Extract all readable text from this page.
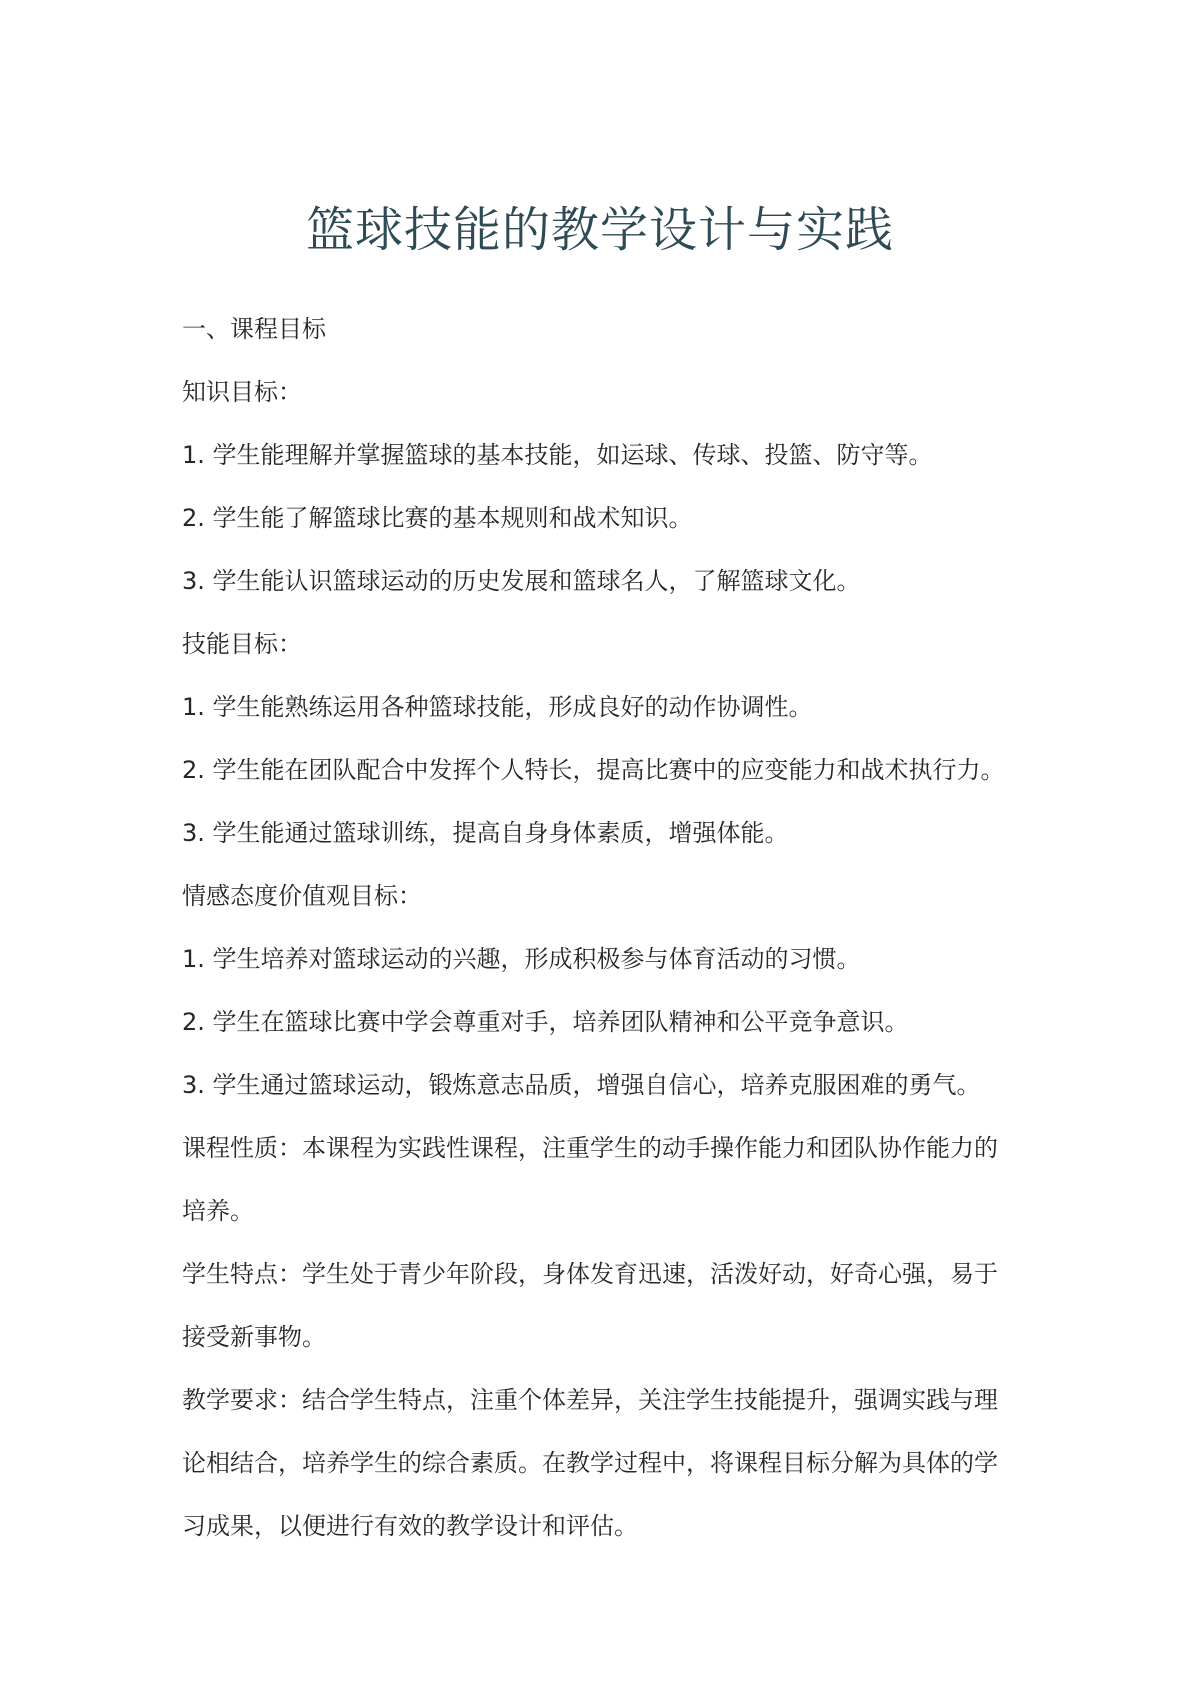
篮球技能的教学设计与实践
一、课程目标
知识目标：
1. 学生能理解并掌握篮球的基本技能，如运球、传球、投篮、防守等。
2. 学生能了解篮球比赛的基本规则和战术知识。
3. 学生能认识篮球运动的历史发展和篮球名人，了解篮球文化。
技能目标：
1. 学生能熟练运用各种篮球技能，形成良好的动作协调性。
2. 学生能在团队配合中发挥个人特长，提高比赛中的应变能力和战术执行力。
3. 学生能通过篮球训练，提高自身身体素质，增强体能。
情感态度价值观目标：
1. 学生培养对篮球运动的兴趣，形成积极参与体育活动的习惯。
2. 学生在篮球比赛中学会尊重对手，培养团队精神和公平竞争意识。
3. 学生通过篮球运动，锻炼意志品质，增强自信心，培养克服困难的勇气。
课程性质：本课程为实践性课程，注重学生的动手操作能力和团队协作能力的
培养。
学生特点：学生处于青少年阶段，身体发育迅速，活泼好动，好奇心强，易于
接受新事物。
教学要求：结合学生特点，注重个体差异，关注学生技能提升，强调实践与理
论相结合，培养学生的综合素质。在教学过程中，将课程目标分解为具体的学
习成果，以便进行有效的教学设计和评估。
